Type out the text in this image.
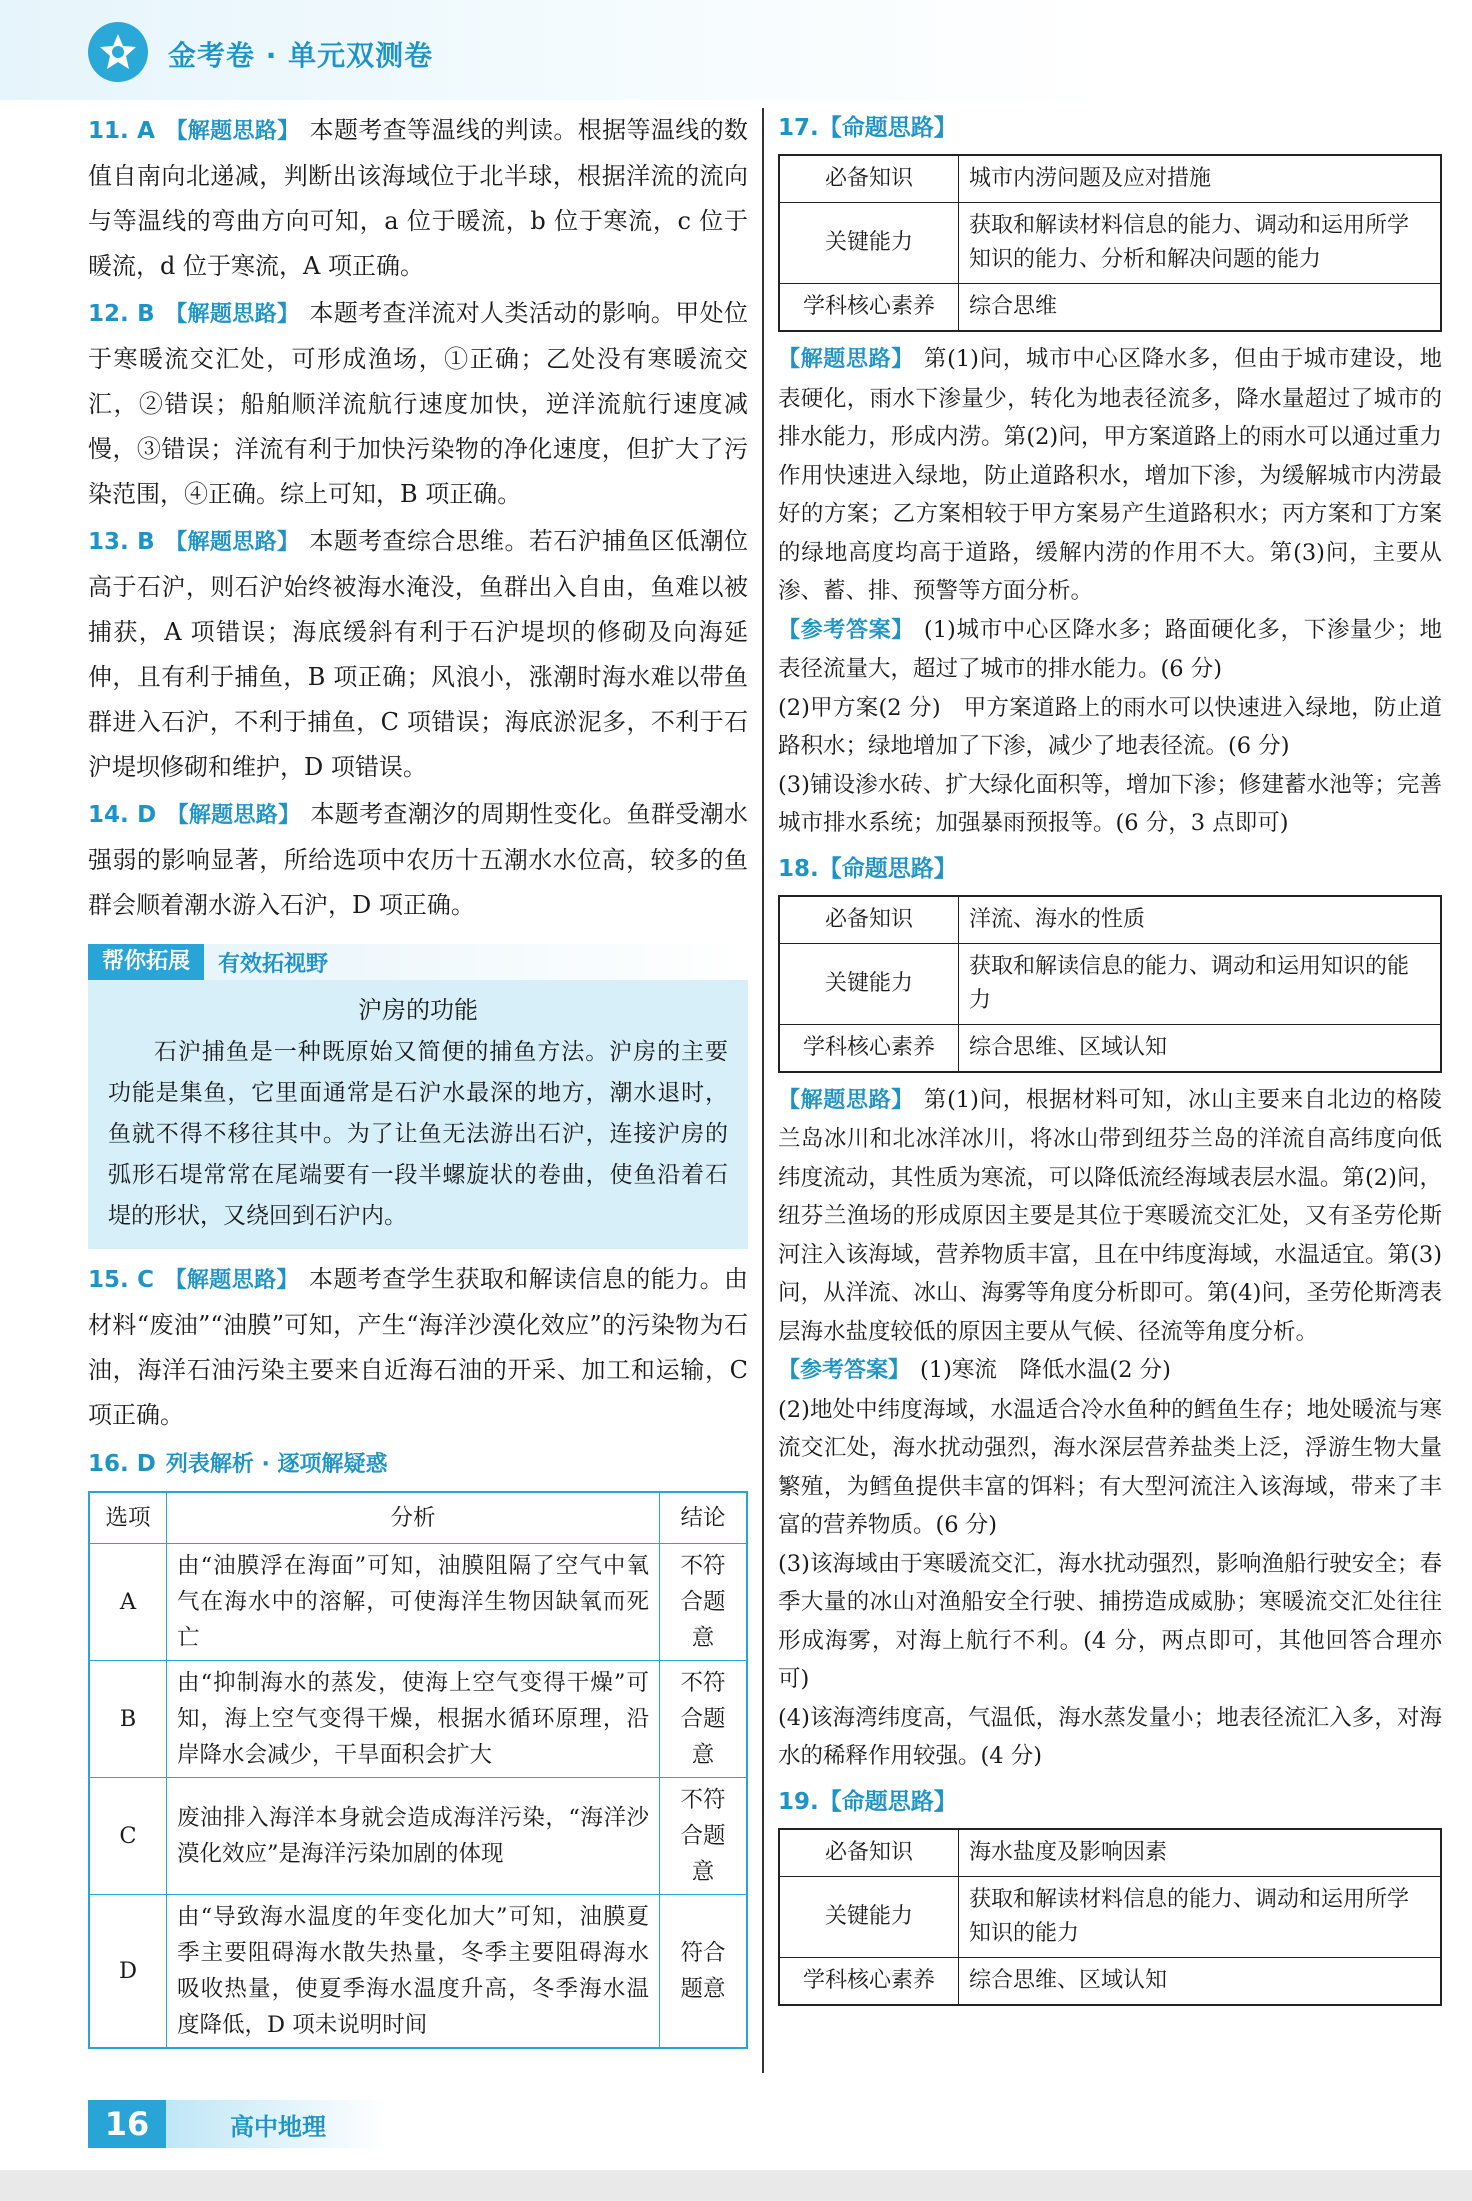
金考卷 · 单元双测卷

11. A 【解题思路】 本题考查等温线的判读。根据等温线的数值自南向北递减，判断出该海域位于北半球，根据洋流的流向与等温线的弯曲方向可知，a 位于暖流，b 位于寒流，c 位于暖流，d 位于寒流，A 项正确。

12. B 【解题思路】 本题考查洋流对人类活动的影响。甲处位于寒暖流交汇处，可形成渔场，①正确；乙处没有寒暖流交汇，②错误；船舶顺洋流航行速度加快，逆洋流航行速度减慢，③错误；洋流有利于加快污染物的净化速度，但扩大了污染范围，④正确。综上可知，B 项正确。

13. B 【解题思路】 本题考查综合思维。若石沪捕鱼区低潮位高于石沪，则石沪始终被海水淹没，鱼群出入自由，鱼难以被捕获，A 项错误；海底缓斜有利于石沪堤坝的修砌及向海延伸，且有利于捕鱼，B 项正确；风浪小，涨潮时海水难以带鱼群进入石沪，不利于捕鱼，C 项错误；海底淤泥多，不利于石沪堤坝修砌和维护，D 项错误。

14. D 【解题思路】 本题考查潮汐的周期性变化。鱼群受潮水强弱的影响显著，所给选项中农历十五潮水水位高，较多的鱼群会顺着潮水游入石沪，D 项正确。

帮你拓展	有效拓视野
沪房的功能

石沪捕鱼是一种既原始又简便的捕鱼方法。沪房的主要功能是集鱼，它里面通常是石沪水最深的地方，潮水退时，鱼就不得不移往其中。为了让鱼无法游出石沪，连接沪房的弧形石堤常常在尾端要有一段半螺旋状的卷曲，使鱼沿着石堤的形状，又绕回到石沪内。

15. C 【解题思路】 本题考查学生获取和解读信息的能力。由材料“废油”“油膜”可知，产生“海洋沙漠化效应”的污染物为石油，海洋石油污染主要来自近海石油的开采、加工和运输，C 项正确。

16. D 列表解析 · 逐项解疑惑
选项	分析	结论
A	由“油膜浮在海面”可知，油膜阻隔了空气中氧气在海水中的溶解，可使海洋生物因缺氧而死亡	不符合题意
B	由“抑制海水的蒸发，使海上空气变得干燥”可知，海上空气变得干燥，根据水循环原理，沿岸降水会减少，干旱面积会扩大	不符合题意
C	废油排入海洋本身就会造成海洋污染，“海洋沙漠化效应”是海洋污染加剧的体现	不符合题意
D	由“导致海水温度的年变化加大”可知，油膜夏季主要阻碍海水散失热量，冬季主要阻碍海水吸收热量，使夏季海水温度升高，冬季海水温度降低，D 项未说明时间	符合题意
17.【命题思路】
必备知识	城市内涝问题及应对措施
关键能力	获取和解读材料信息的能力、调动和运用所学知识的能力、分析和解决问题的能力
学科核心素养	综合思维

【解题思路】 第(1)问，城市中心区降水多，但由于城市建设，地表硬化，雨水下渗量少，转化为地表径流多，降水量超过了城市的排水能力，形成内涝。第(2)问，甲方案道路上的雨水可以通过重力作用快速进入绿地，防止道路积水，增加下渗，为缓解城市内涝最好的方案；乙方案相较于甲方案易产生道路积水；丙方案和丁方案的绿地高度均高于道路，缓解内涝的作用不大。第(3)问，主要从渗、蓄、排、预警等方面分析。

【参考答案】 (1)城市中心区降水多；路面硬化多，下渗量少；地表径流量大，超过了城市的排水能力。(6 分)

(2)甲方案(2 分)　甲方案道路上的雨水可以快速进入绿地，防止道路积水；绿地增加了下渗，减少了地表径流。(6 分)

(3)铺设渗水砖、扩大绿化面积等，增加下渗；修建蓄水池等；完善城市排水系统；加强暴雨预报等。(6 分，3 点即可)

18.【命题思路】
必备知识	洋流、海水的性质
关键能力	获取和解读信息的能力、调动和运用知识的能力
学科核心素养	综合思维、区域认知

【解题思路】 第(1)问，根据材料可知，冰山主要来自北边的格陵兰岛冰川和北冰洋冰川，将冰山带到纽芬兰岛的洋流自高纬度向低纬度流动，其性质为寒流，可以降低流经海域表层水温。第(2)问，纽芬兰渔场的形成原因主要是其位于寒暖流交汇处，又有圣劳伦斯河注入该海域，营养物质丰富，且在中纬度海域，水温适宜。第(3)问，从洋流、冰山、海雾等角度分析即可。第(4)问，圣劳伦斯湾表层海水盐度较低的原因主要从气候、径流等角度分析。

【参考答案】 (1)寒流　降低水温(2 分)

(2)地处中纬度海域，水温适合冷水鱼种的鳕鱼生存；地处暖流与寒流交汇处，海水扰动强烈，海水深层营养盐类上泛，浮游生物大量繁殖，为鳕鱼提供丰富的饵料；有大型河流注入该海域，带来了丰富的营养物质。(6 分)

(3)该海域由于寒暖流交汇，海水扰动强烈，影响渔船行驶安全；春季大量的冰山对渔船安全行驶、捕捞造成威胁；寒暖流交汇处往往形成海雾，对海上航行不利。(4 分，两点即可，其他回答合理亦可)

(4)该海湾纬度高，气温低，海水蒸发量小；地表径流汇入多，对海水的稀释作用较强。(4 分)

19.【命题思路】
必备知识	海水盐度及影响因素
关键能力	获取和解读材料信息的能力、调动和运用所学知识的能力
学科核心素养	综合思维、区域认知
16	高中地理
